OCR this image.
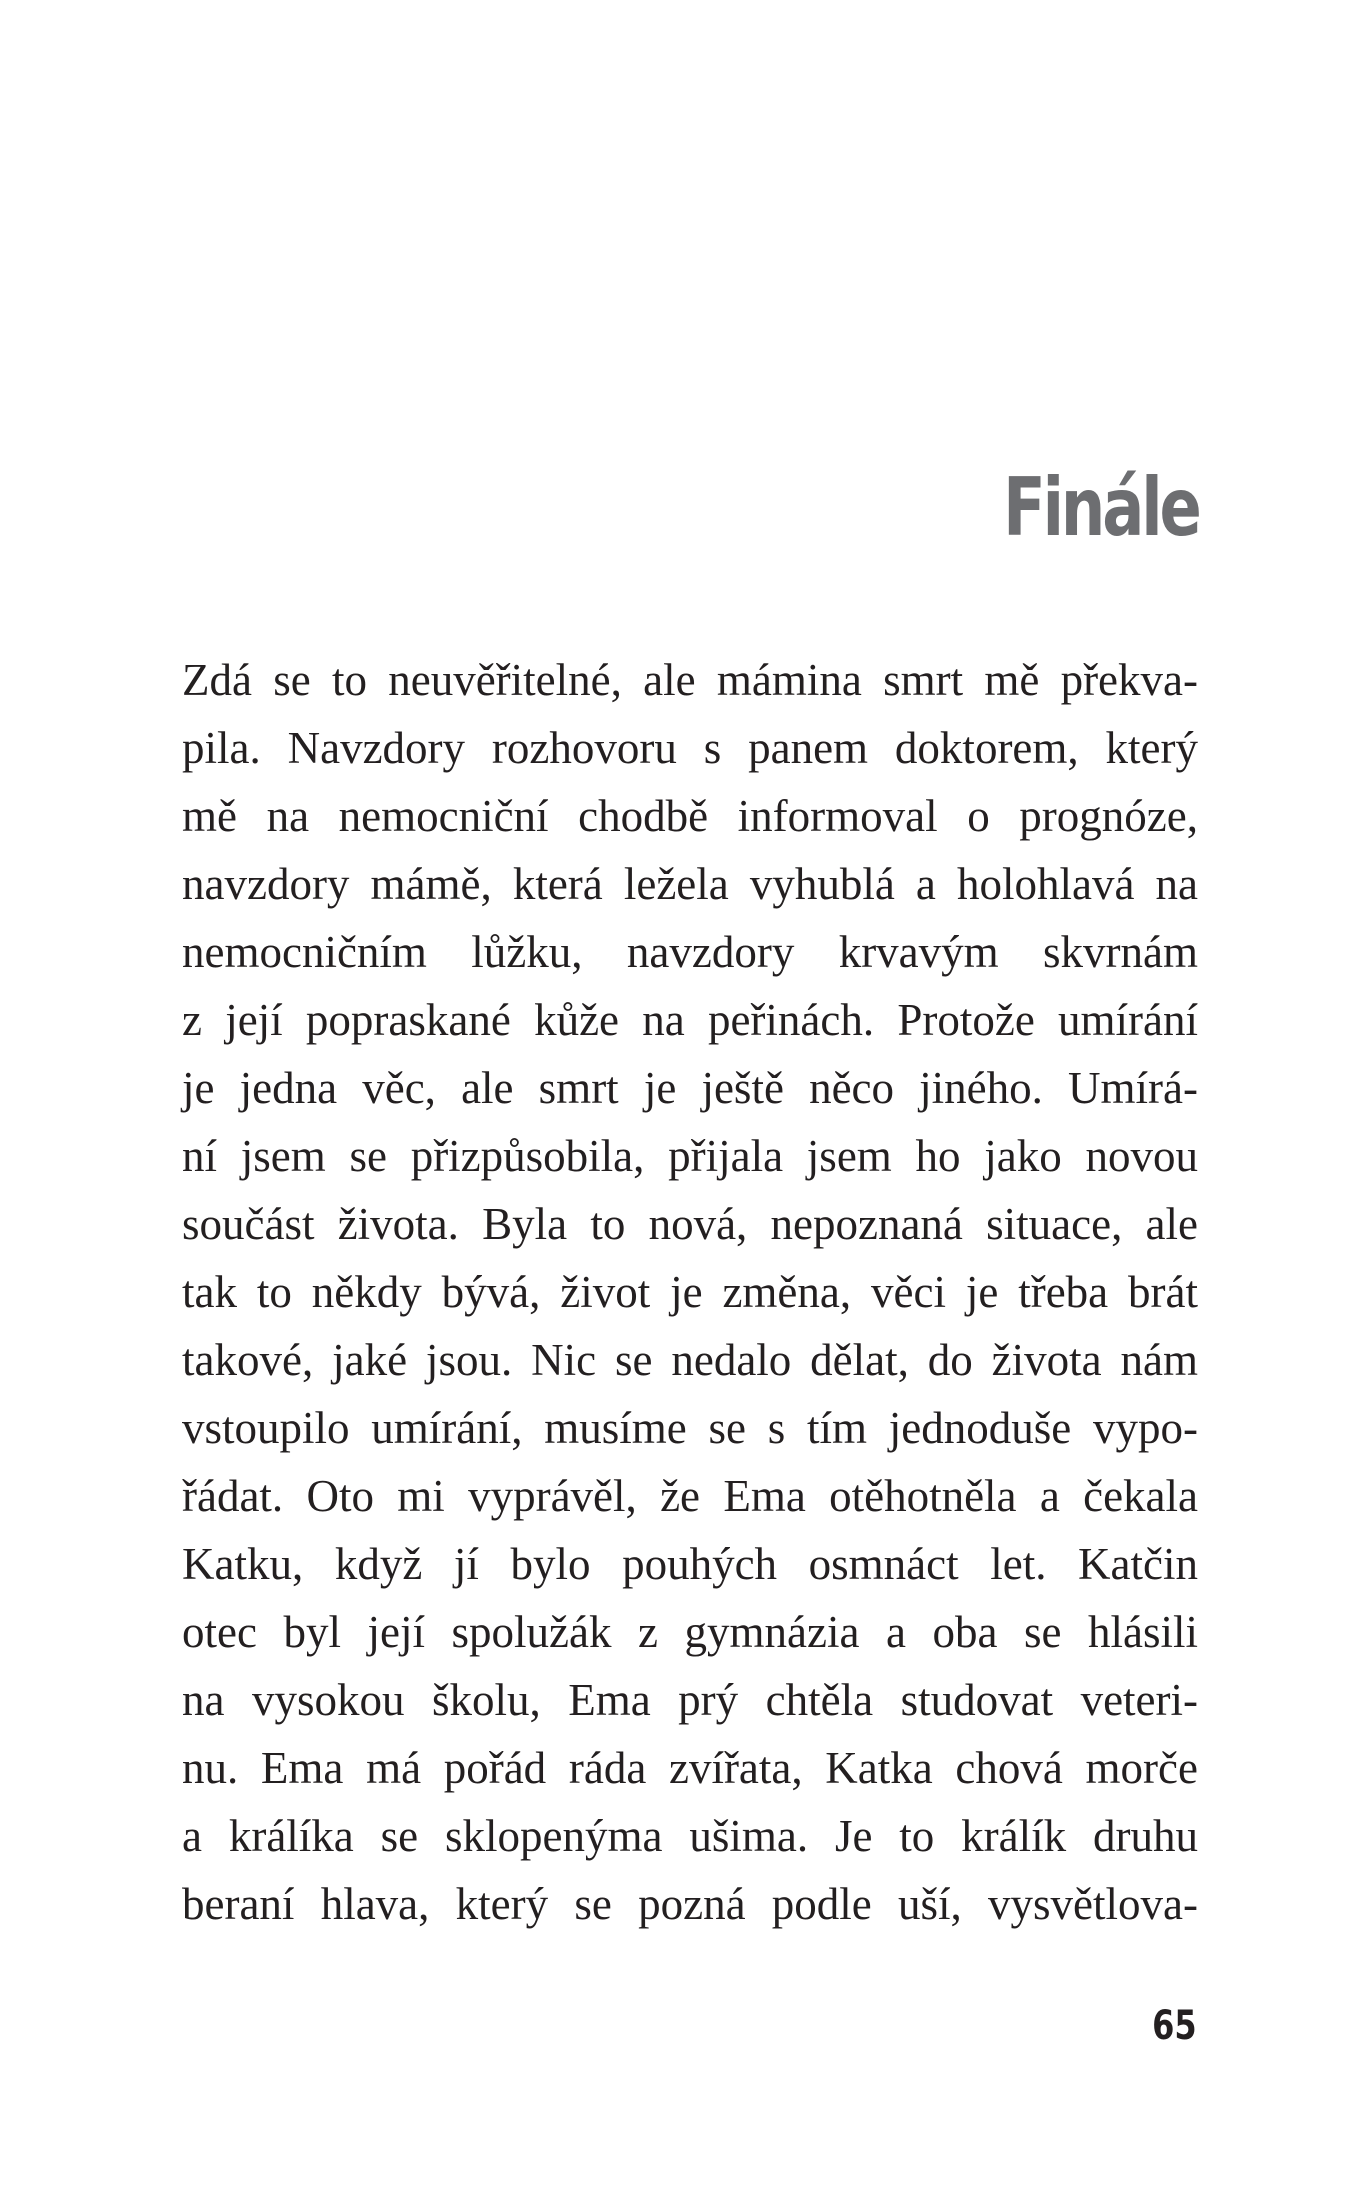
Finále
Zdá se to neuvěřitelné, ale mámina smrt mě překva-
pila. Navzdory rozhovoru s panem doktorem, který
mě na nemocniční chodbě informoval o prognóze,
navzdory mámě, která ležela vyhublá a holohlavá na
nemocničním lůžku, navzdory krvavým skvrnám
z její popraskané kůže na peřinách. Protože umírání
je jedna věc, ale smrt je ještě něco jiného. Umírá-
ní jsem se přizpůsobila, přijala jsem ho jako novou
součást života. Byla to nová, nepoznaná situace, ale
tak to někdy bývá, život je změna, věci je třeba brát
takové, jaké jsou. Nic se nedalo dělat, do života nám
vstoupilo umírání, musíme se s tím jednoduše vypo-
řádat. Oto mi vyprávěl, že Ema otěhotněla a čekala
Katku, když jí bylo pouhých osmnáct let. Katčin
otec byl její spolužák z gymnázia a oba se hlásili
na vysokou školu, Ema prý chtěla studovat veteri-
nu. Ema má pořád ráda zvířata, Katka chová morče
a králíka se sklopenýma ušima. Je to králík druhu
beraní hlava, který se pozná podle uší, vysvětlova-
65
